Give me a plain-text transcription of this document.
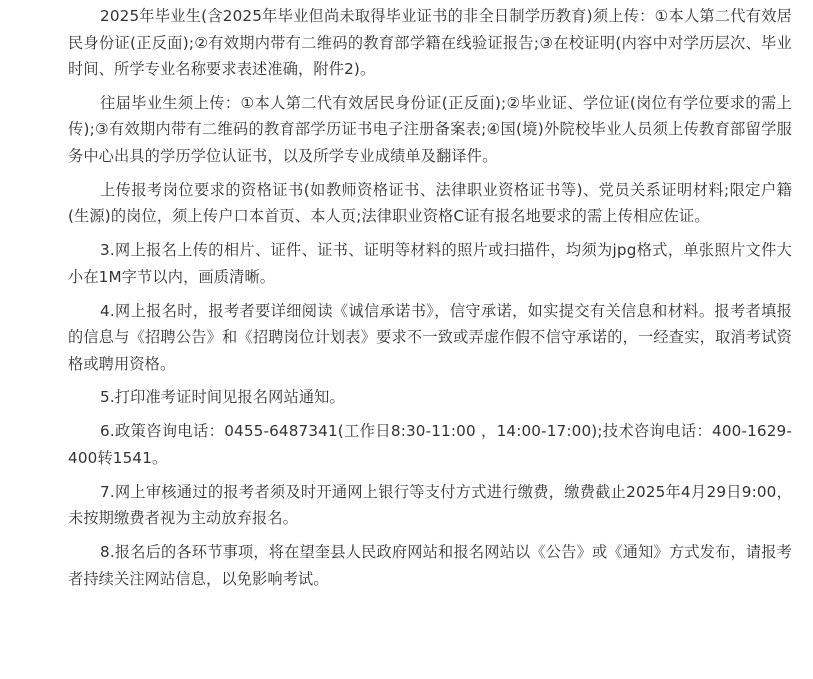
2025年毕业生(含2025年毕业但尚未取得毕业证书的非全日制学历教育)须上传：①本人第二代有效居民身份证(正反面);②有效期内带有二维码的教育部学籍在线验证报告;③在校证明(内容中对学历层次、毕业时间、所学专业名称要求表述准确，附件2)。

往届毕业生须上传：①本人第二代有效居民身份证(正反面);②毕业证、学位证(岗位有学位要求的需上传);③有效期内带有二维码的教育部学历证书电子注册备案表;④国(境)外院校毕业人员须上传教育部留学服务中心出具的学历学位认证书，以及所学专业成绩单及翻译件。

上传报考岗位要求的资格证书(如教师资格证书、法律职业资格证书等)、党员关系证明材料;限定户籍(生源)的岗位，须上传户口本首页、本人页;法律职业资格C证有报名地要求的需上传相应佐证。

3.网上报名上传的相片、证件、证书、证明等材料的照片或扫描件，均须为jpg格式，单张照片文件大小在1M字节以内，画质清晰。

4.网上报名时，报考者要详细阅读《诚信承诺书》，信守承诺，如实提交有关信息和材料。报考者填报的信息与《招聘公告》和《招聘岗位计划表》要求不一致或弄虚作假不信守承诺的，一经查实，取消考试资格或聘用资格。

5.打印准考证时间见报名网站通知。

6.政策咨询电话：0455-6487341(工作日8:30-11:00 ，14:00-17:00);技术咨询电话：400-1629-400转1541。

7.网上审核通过的报考者须及时开通网上银行等支付方式进行缴费，缴费截止2025年4月29日9:00，未按期缴费者视为主动放弃报名。

8.报名后的各环节事项，将在望奎县人民政府网站和报名网站以《公告》或《通知》方式发布，请报考者持续关注网站信息，以免影响考试。
